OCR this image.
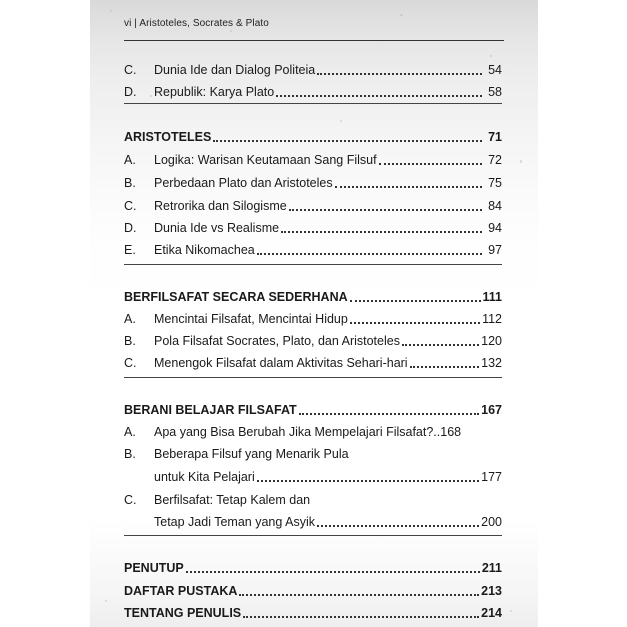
vi | Aristoteles, Socrates & Plato
C.	Dunia Ide dan Dialog Politeia	54
D.	Republik: Karya Plato	58
ARISTOTELES	71
A.	Logika: Warisan Keutamaan Sang Filsuf	72
B.	Perbedaan Plato dan Aristoteles	75
C.	Retrorika dan Silogisme	84
D.	Dunia Ide vs Realisme	94
E.	Etika Nikomachea	97
BERFILSAFAT SECARA SEDERHANA	111
A.	Mencintai Filsafat, Mencintai Hidup	112
B.	Pola Filsafat Socrates, Plato, dan Aristoteles	120
C.	Menengok Filsafat dalam Aktivitas Sehari-hari	132
BERANI BELAJAR FILSAFAT	167
A.	Apa yang Bisa Berubah Jika Mempelajari Filsafat?.. 168
B.	Beberapa Filsuf yang Menarik Pula
untuk Kita Pelajari	177
C.	Berfilsafat: Tetap Kalem dan
Tetap Jadi Teman yang Asyik	200
PENUTUP	211
DAFTAR PUSTAKA	213
TENTANG PENULIS	214
